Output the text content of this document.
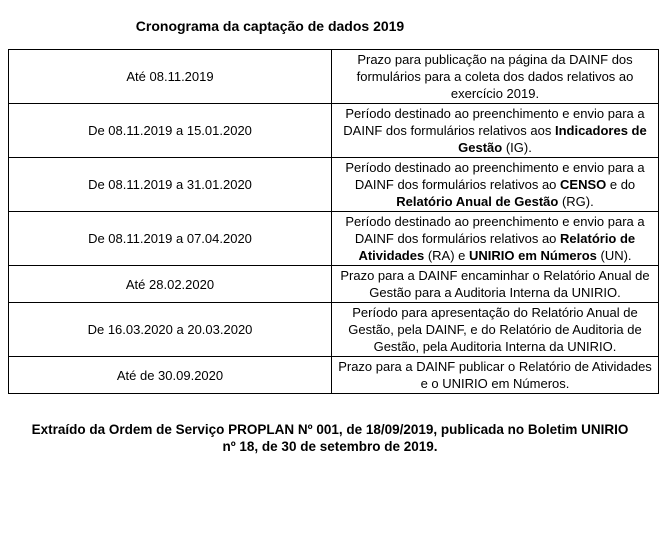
Cronograma da captação de dados 2019
Até 08.11.2019	Prazo para publicação na página da DAINF dos formulários para a coleta dos dados relativos ao exercício 2019.
De 08.11.2019 a 15.01.2020	Período destinado ao preenchimento e envio para a DAINF dos formulários relativos aos Indicadores de Gestão (IG).
De 08.11.2019 a 31.01.2020	Período destinado ao preenchimento e envio para a DAINF dos formulários relativos ao CENSO e do Relatório Anual de Gestão (RG).
De 08.11.2019 a 07.04.2020	Período destinado ao preenchimento e envio para a DAINF dos formulários relativos ao Relatório de Atividades (RA) e UNIRIO em Números (UN).
Até 28.02.2020	Prazo para a DAINF encaminhar o Relatório Anual de Gestão para a Auditoria Interna da UNIRIO.
De 16.03.2020 a 20.03.2020	Período para apresentação do Relatório Anual de Gestão, pela DAINF, e do Relatório de Auditoria de Gestão, pela Auditoria Interna da UNIRIO.
Até de 30.09.2020	Prazo para a DAINF publicar o Relatório de Atividades e o UNIRIO em Números.
Extraído da Ordem de Serviço PROPLAN Nº 001, de 18/09/2019, publicada no Boletim UNIRIO nº 18, de 30 de setembro de 2019.
